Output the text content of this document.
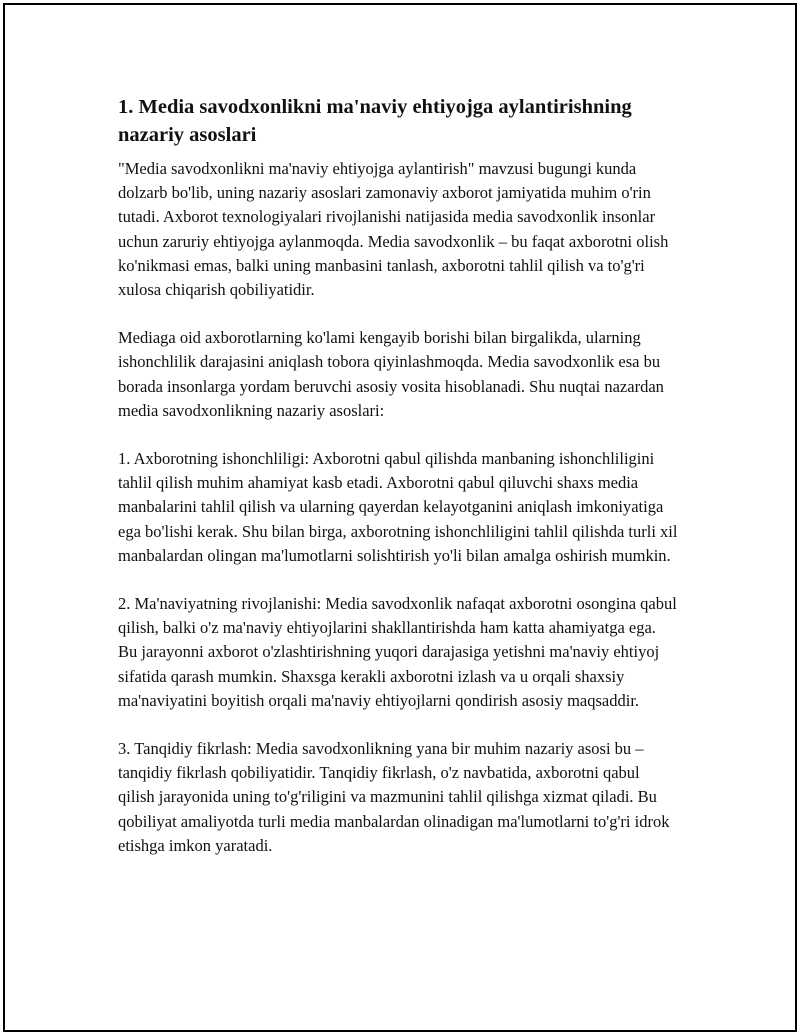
1. Media savodxonlikni ma'naviy ehtiyojga aylantirishning nazariy asoslari

"Media savodxonlikni ma'naviy ehtiyojga aylantirish" mavzusi bugungi kunda dolzarb bo'lib, uning nazariy asoslari zamonaviy axborot jamiyatida muhim o'rin tutadi. Axborot texnologiyalari rivojlanishi natijasida media savodxonlik insonlar uchun zaruriy ehtiyojga aylanmoqda. Media savodxonlik – bu faqat axborotni olish ko'nikmasi emas, balki uning manbasini tanlash, axborotni tahlil qilish va to'g'ri xulosa chiqarish qobiliyatidir.

Mediaga oid axborotlarning ko'lami kengayib borishi bilan birgalikda, ularning ishonchlilik darajasini aniqlash tobora qiyinlashmoqda. Media savodxonlik esa bu borada insonlarga yordam beruvchi asosiy vosita hisoblanadi. Shu nuqtai nazardan media savodxonlikning nazariy asoslari:

1. Axborotning ishonchliligi: Axborotni qabul qilishda manbaning ishonchliligini tahlil qilish muhim ahamiyat kasb etadi. Axborotni qabul qiluvchi shaxs media manbalarini tahlil qilish va ularning qayerdan kelayotganini aniqlash imkoniyatiga ega bo'lishi kerak. Shu bilan birga, axborotning ishonchliligini tahlil qilishda turli xil manbalardan olingan ma'lumotlarni solishtirish yo'li bilan amalga oshirish mumkin.

2. Ma'naviyatning rivojlanishi: Media savodxonlik nafaqat axborotni osongina qabul qilish, balki o'z ma'naviy ehtiyojlarini shakllantirishda ham katta ahamiyatga ega. Bu jarayonni axborot o'zlashtirishning yuqori darajasiga yetishni ma'naviy ehtiyoj sifatida qarash mumkin. Shaxsga kerakli axborotni izlash va u orqali shaxsiy ma'naviyatini boyitish orqali ma'naviy ehtiyojlarni qondirish asosiy maqsaddir.

3. Tanqidiy fikrlash: Media savodxonlikning yana bir muhim nazariy asosi bu – tanqidiy fikrlash qobiliyatidir. Tanqidiy fikrlash, o'z navbatida, axborotni qabul qilish jarayonida uning to'g'riligini va mazmunini tahlil qilishga xizmat qiladi. Bu qobiliyat amaliyotda turli media manbalardan olinadigan ma'lumotlarni to'g'ri idrok etishga imkon yaratadi.
